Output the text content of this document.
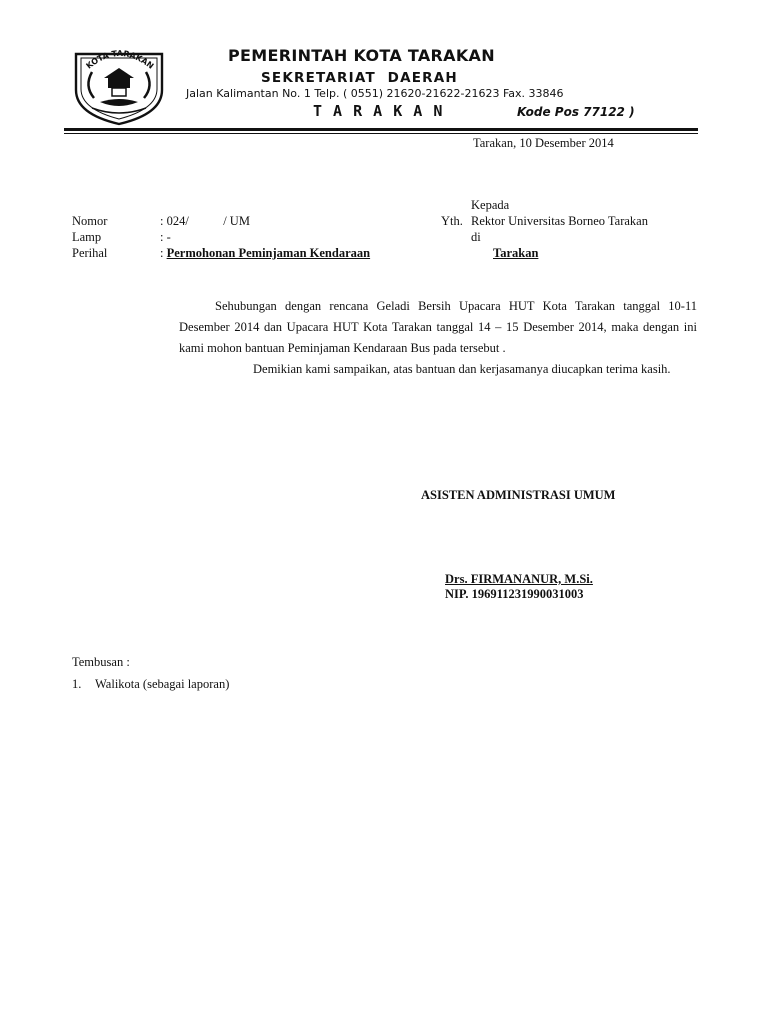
KOTA TARAKAN
PEMERINTAH KOTA TARAKAN
SEKRETARIAT  DAERAH
Jalan Kalimantan No. 1 Telp. ( 0551) 21620-21622-21623 Fax. 33846
T A R A K A N	Kode Pos 77122 )
Tarakan, 10 Desember 2014
Kepada
Yth. Rektor Universitas Borneo Tarakan
di
Tarakan
Nomor	: 024/           / UM
Lamp	: -
Perihal	: Permohonan Peminjaman Kendaraan

Sehubungan dengan rencana Geladi Bersih Upacara HUT Kota Tarakan tanggal 10-11 Desember 2014 dan Upacara HUT Kota Tarakan tanggal 14 – 15 Desember 2014, maka dengan ini kami mohon bantuan Peminjaman Kendaraan Bus pada tersebut .

Demikian kami sampaikan, atas bantuan dan kerjasamanya diucapkan terima kasih.

ASISTEN ADMINISTRASI UMUM
Drs. FIRMANANUR, M.Si.
NIP. 196911231990031003
Tembusan :
1. Walikota (sebagai laporan)
